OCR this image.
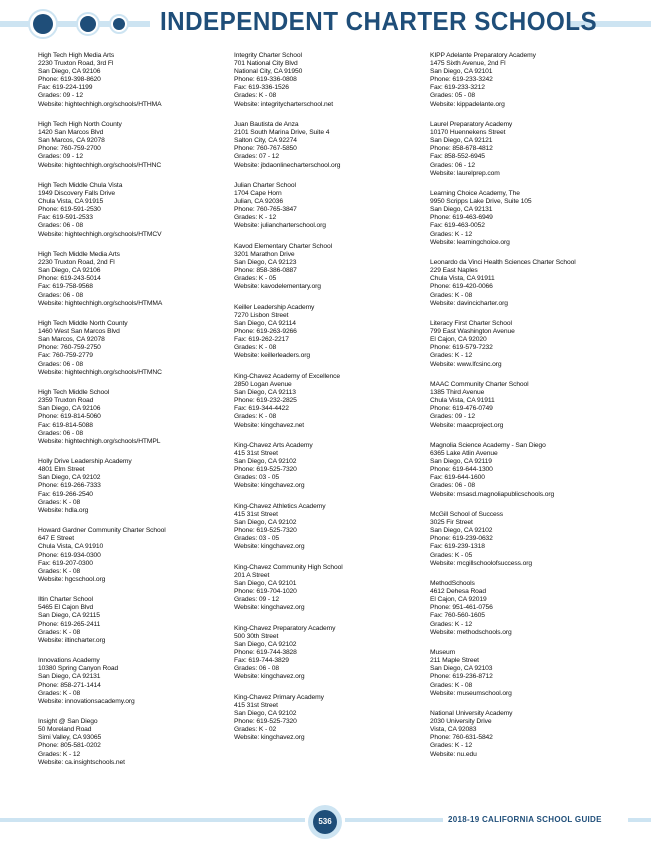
INDEPENDENT CHARTER SCHOOLS
High Tech High Media Arts
2230 Truxton Road, 3rd Fl
San Diego, CA 92106
Phone: 619-398-8620
Fax: 619-224-1199
Grades: 09 - 12
Website: hightechhigh.org/schools/HTHMA
High Tech High North County
1420 San Marcos Blvd
San Marcos, CA 92078
Phone: 760-759-2700
Grades: 09 - 12
Website: hightechhigh.org/schools/HTHNC
High Tech Middle Chula Vista
1949 Discovery Falls Drive
Chula Vista, CA 91915
Phone: 619-591-2530
Fax: 619-591-2533
Grades: 06 - 08
Website: hightechhigh.org/schools/HTMCV
High Tech Middle Media Arts
2230 Truxton Road, 2nd Fl
San Diego, CA 92106
Phone: 619-243-5014
Fax: 619-758-9568
Grades: 06 - 08
Website: hightechhigh.org/schools/HTMMA
High Tech Middle North County
1460 West San Marcos Blvd
San Marcos, CA 92078
Phone: 760-759-2750
Fax: 760-759-2779
Grades: 06 - 08
Website: hightechhigh.org/schools/HTMNC
High Tech Middle School
2359 Truxton Road
San Diego, CA 92106
Phone: 619-814-5060
Fax: 619-814-5088
Grades: 06 - 08
Website: hightechhigh.org/schools/HTMPL
Holly Drive Leadership Academy
4801 Elm Street
San Diego, CA 92102
Phone: 619-266-7333
Fax: 619-266-2540
Grades: K - 08
Website: hdla.org
Howard Gardner Community Charter School
647 E Street
Chula Vista, CA 91910
Phone: 619-934-0300
Fax: 619-207-0300
Grades: K - 08
Website: hgcschool.org
Iltin Charter School
5465 El Cajon Blvd
San Diego, CA 92115
Phone: 619-265-2411
Grades: K - 08
Website: iltincharter.org
Innovations Academy
10380 Spring Canyon Road
San Diego, CA 92131
Phone: 858-271-1414
Grades: K - 08
Website: innovationsacademy.org
Insight @ San Diego
50 Moreland Road
Simi Valley, CA 93065
Phone: 805-581-0202
Grades: K - 12
Website: ca.insightschools.net
Integrity Charter School
701 National City Blvd
National City, CA 91950
Phone: 619-336-0808
Fax: 619-336-1526
Grades: K - 08
Website: integritycharterschool.net
Juan Bautista de Anza
2101 South Marina Drive, Suite 4
Salton City, CA 92274
Phone: 760-767-5850
Grades: 07 - 12
Website: jbdaonlinecharterschool.org
Julian Charter School
1704 Cape Horn
Julian, CA 92036
Phone: 760-765-3847
Grades: K - 12
Website: juliancharterschool.org
Kavod Elementary Charter School
3201 Marathon Drive
San Diego, CA 92123
Phone: 858-386-0887
Grades: K - 05
Website: kavodelementary.org
Keiller Leadership Academy
7270 Lisbon Street
San Diego, CA 92114
Phone: 619-263-9266
Fax: 619-262-2217
Grades: K - 08
Website: keillerleaders.org
King-Chavez Academy of Excellence
2850 Logan Avenue
San Diego, CA 92113
Phone: 619-232-2825
Fax: 619-344-4422
Grades: K - 08
Website: kingchavez.net
King-Chavez Arts Academy
415 31st Street
San Diego, CA 92102
Phone: 619-525-7320
Grades: 03 - 05
Website: kingchavez.org
King-Chavez Athletics Academy
415 31st Street
San Diego, CA 92102
Phone: 619-525-7320
Grades: 03 - 05
Website: kingchavez.org
King-Chavez Community High School
201 A Street
San Diego, CA 92101
Phone: 619-704-1020
Grades: 09 - 12
Website: kingchavez.org
King-Chavez Preparatory Academy
500 30th Street
San Diego, CA 92102
Phone: 619-744-3828
Fax: 619-744-3829
Grades: 06 - 08
Website: kingchavez.org
King-Chavez Primary Academy
415 31st Street
San Diego, CA 92102
Phone: 619-525-7320
Grades: K - 02
Website: kingchavez.org
KIPP Adelante Preparatory Academy
1475 Sixth Avenue, 2nd Fl
San Diego, CA 92101
Phone: 619-233-3242
Fax: 619-233-3212
Grades: 05 - 08
Website: kippadelante.org
Laurel Preparatory Academy
10170 Huennekens Street
San Diego, CA 92121
Phone: 858-678-4812
Fax: 858-552-6945
Grades: 06 - 12
Website: laurelprep.com
Learning Choice Academy, The
9950 Scripps Lake Drive, Suite 105
San Diego, CA 92131
Phone: 619-463-6949
Fax: 619-463-0052
Grades: K - 12
Website: learningchoice.org
Leonardo da Vinci Health Sciences Charter School
229 East Naples
Chula Vista, CA 91911
Phone: 619-420-0066
Grades: K - 08
Website: davincicharter.org
Literacy First Charter School
799 East Washington Avenue
El Cajon, CA 92020
Phone: 619-579-7232
Grades: K - 12
Website: www.lfcsinc.org
MAAC Community Charter School
1385 Third Avenue
Chula Vista, CA 91911
Phone: 619-476-0749
Grades: 09 - 12
Website: maacproject.org
Magnolia Science Academy - San Diego
6365 Lake Atlin Avenue
San Diego, CA 92119
Phone: 619-644-1300
Fax: 619-644-1600
Grades: 06 - 08
Website: msasd.magnoliapublicschools.org
McGill School of Success
3025 Fir Street
San Diego, CA 92102
Phone: 619-239-0632
Fax: 619-239-1318
Grades: K - 05
Website: mcgillschoolofsuccess.org
MethodSchools
4612 Dehesa Road
El Cajon, CA 92019
Phone: 951-461-0756
Fax: 760-560-1605
Grades: K - 12
Website: methodschools.org
Museum
211 Maple Street
San Diego, CA 92103
Phone: 619-236-8712
Grades: K - 08
Website: museumschool.org
National University Academy
2030 University Drive
Vista, CA 92083
Phone: 760-631-5842
Grades: K - 12
Website: nu.edu
536	2018-19 CALIFORNIA SCHOOL GUIDE
